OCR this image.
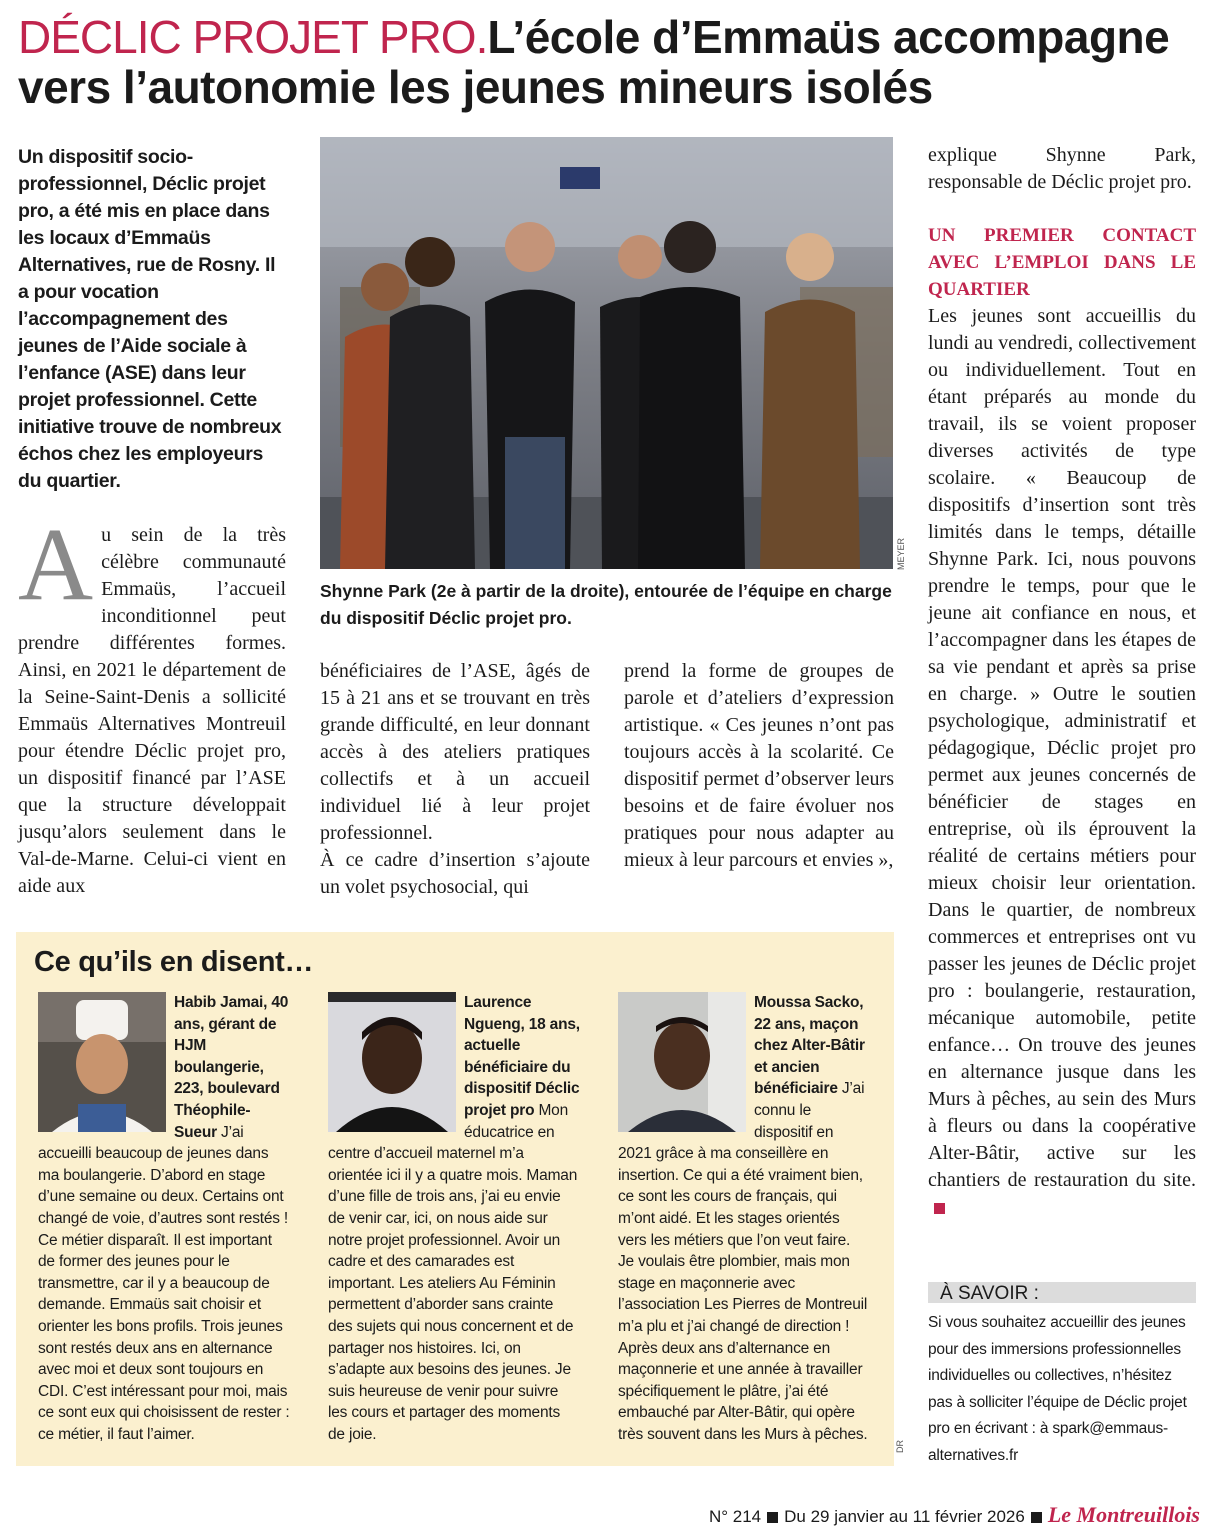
DÉCLIC PROJET PRO.L’école d’Emmaüs accompagne vers l’autonomie les jeunes mineurs isolés

Un dispositif socio-professionnel, Déclic projet pro, a été mis en place dans les locaux d’Emmaüs Alternatives, rue de Rosny. Il a pour vocation l’accompagnement des jeunes de l’Aide sociale à l’enfance (ASE) dans leur projet professionnel. Cette initiative trouve de nombreux échos chez les employeurs du quartier.

MEYER

Shynne Park (2e à partir de la droite), entourée de l’équipe en charge du dispositif Déclic projet pro.

A u sein de la très célèbre communauté Emmaüs, l’accueil inconditionnel peut prendre différentes formes. Ainsi, en 2021 le département de la Seine-Saint-Denis a sollicité Emmaüs Alternatives Montreuil pour étendre Déclic projet pro, un dispositif financé par l’ASE que la structure développait jusqu’alors seulement dans le Val-de-Marne. Celui-ci vient en aide aux

bénéficiaires de l’ASE, âgés de 15 à 21 ans et se trouvant en très grande difficulté, en leur donnant accès à des ateliers pratiques collectifs et à un accueil individuel lié à leur projet professionnel.

À ce cadre d’insertion s’ajoute un volet psychosocial, qui

prend la forme de groupes de parole et d’ateliers d’expression artistique. « Ces jeunes n’ont pas toujours accès à la scolarité. Ce dispositif permet d’observer leurs besoins et de faire évoluer nos pratiques pour nous adapter au mieux à leur parcours et envies »,

explique Shynne Park, responsable de Déclic projet pro.

UN PREMIER CONTACT AVEC L’EMPLOI DANS LE QUARTIER

Les jeunes sont accueillis du lundi au vendredi, collectivement ou individuellement. Tout en étant préparés au monde du travail, ils se voient proposer diverses activités de type scolaire. « Beaucoup de dispositifs d’insertion sont très limités dans le temps, détaille Shynne Park. Ici, nous pouvons prendre le temps, pour que le jeune ait confiance en nous, et l’accompagner dans les étapes de sa vie pendant et après sa prise en charge. » Outre le soutien psychologique, administratif et pédagogique, Déclic projet pro permet aux jeunes concernés de bénéficier de stages en entreprise, où ils éprouvent la réalité de certains métiers pour mieux choisir leur orientation. Dans le quartier, de nombreux commerces et entreprises ont vu passer les jeunes de Déclic projet pro : boulangerie, restauration, mécanique automobile, petite enfance… On trouve des jeunes en alternance jusque dans les Murs à pêches, au sein des Murs à fleurs ou dans la coopérative Alter-Bâtir, active sur les chantiers de restauration du site.

Ce qu’ils en disent…
Habib Jamai, 40 ans, gérant de HJM boulangerie, 223, boulevard Théophile-Sueur J’ai accueilli beaucoup de jeunes dans ma boulangerie. D’abord en stage d’une semaine ou deux. Certains ont changé de voie, d’autres sont restés ! Ce métier disparaît. Il est important de former des jeunes pour le transmettre, car il y a beaucoup de demande. Emmaüs sait choisir et orienter les bons profils. Trois jeunes sont restés deux ans en alternance avec moi et deux sont toujours en CDI. C’est intéressant pour moi, mais ce sont eux qui choisissent de rester : ce métier, il faut l’aimer.
Laurence Ngueng, 18 ans, actuelle bénéficiaire du dispositif Déclic projet pro Mon éducatrice en centre d’accueil maternel m’a orientée ici il y a quatre mois. Maman d’une fille de trois ans, j’ai eu envie de venir car, ici, on nous aide sur notre projet professionnel. Avoir un cadre et des camarades est important. Les ateliers Au Féminin permettent d’aborder sans crainte des sujets qui nous concernent et de partager nos histoires. Ici, on s’adapte aux besoins des jeunes. Je suis heureuse de venir pour suivre les cours et partager des moments de joie.
Moussa Sacko, 22 ans, maçon chez Alter-Bâtir et ancien bénéficiaire J’ai connu le dispositif en 2021 grâce à ma conseillère en insertion. Ce qui a été vraiment bien, ce sont les cours de français, qui m’ont aidé. Et les stages orientés vers les métiers que l’on veut faire. Je voulais être plombier, mais mon stage en maçonnerie avec l’association Les Pierres de Montreuil m’a plu et j’ai changé de direction ! Après deux ans d’alternance en maçonnerie et une année à travailler spécifiquement le plâtre, j’ai été embauché par Alter-Bâtir, qui opère très souvent dans les Murs à pêches.
DR
À SAVOIR :

Si vous souhaitez accueillir des jeunes pour des immersions professionnelles individuelles ou collectives, n’hésitez pas à solliciter l’équipe de Déclic projet pro en écrivant : à spark@emmaus-alternatives.fr

N° 214 Du 29 janvier au 11 février 2026 Le Montreuillois
